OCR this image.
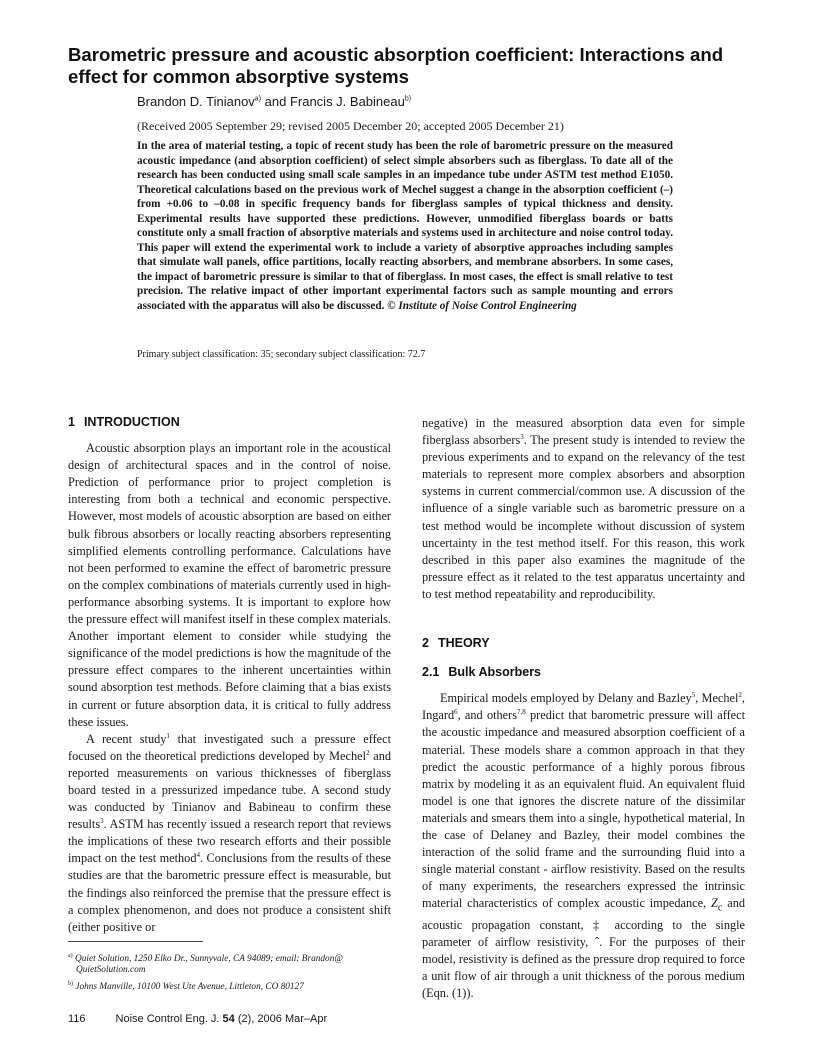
Barometric pressure and acoustic absorption coefficient: Interactions and effect for common absorptive systems

Brandon D. Tinianov$^{a)}$ and Francis J. Babineau$^{b)}$

(Received 2005 September 29; revised 2005 December 20; accepted 2005 December 21)

In the area of material testing, a topic of recent study has been the role of barometric pressure on the measured acoustic impedance (and absorption coefficient) of select simple absorbers such as fiberglass. To date all of the research has been conducted using small scale samples in an impedance tube under ASTM test method E1050. Theoretical calculations based on the previous work of Mechel suggest a change in the absorption coefficient (–) from +0.06 to –0.08 in specific frequency bands for fiberglass samples of typical thickness and density. Experimental results have supported these predictions. However, unmodified fiberglass boards or batts constitute only a small fraction of absorptive materials and systems used in architecture and noise control today. This paper will extend the experimental work to include a variety of absorptive approaches including samples that simulate wall panels, office partitions, locally reacting absorbers, and membrane absorbers. In some cases, the impact of barometric pressure is similar to that of fiberglass. In most cases, the effect is small relative to test precision. The relative impact of other important experimental factors such as sample mounting and errors associated with the apparatus will also be discussed. © Institute of Noise Control Engineering

Primary subject classification: 35; secondary subject classification: 72.7

1 INTRODUCTION

Acoustic absorption plays an important role in the acoustical design of architectural spaces and in the control of noise. Prediction of performance prior to project completion is interesting from both a technical and economic perspective. However, most models of acoustic absorption are based on either bulk fibrous absorbers or locally reacting absorbers representing simplified elements controlling performance. Calculations have not been performed to examine the effect of barometric pressure on the complex combinations of materials currently used in high-performance absorbing systems. It is important to explore how the pressure effect will manifest itself in these complex materials. Another important element to consider while studying the significance of the model predictions is how the magnitude of the pressure effect compares to the inherent uncertainties within sound absorption test methods. Before claiming that a bias exists in current or future absorption data, it is critical to fully address these issues.

A recent study$^1$ that investigated such a pressure effect focused on the theoretical predictions developed by Mechel$^2$ and reported measurements on various thicknesses of fiberglass board tested in a pressurized impedance tube. A second study was conducted by Tinianov and Babineau to confirm these results$^3$. ASTM has recently issued a research report that reviews the implications of these two research efforts and their possible impact on the test method$^4$. Conclusions from the results of these studies are that the barometric pressure effect is measurable, but the findings also reinforced the premise that the pressure effect is a complex phenomenon, and does not produce a consistent shift (either positive or

$^{a)}$ Quiet Solution, 1250 Elko Dr., Sunnyvale, CA 94089; email: Brandon@ QuietSolution.com

$^{b)}$ Johns Manville, 10100 West Ute Avenue, Littleton, CO 80127

negative) in the measured absorption data even for simple fiberglass absorbers$^3$. The present study is intended to review the previous experiments and to expand on the relevancy of the test materials to represent more complex absorbers and absorption systems in current commercial/common use. A discussion of the influence of a single variable such as barometric pressure on a test method would be incomplete without discussion of system uncertainty in the test method itself. For this reason, this work described in this paper also examines the magnitude of the pressure effect as it related to the test apparatus uncertainty and to test method repeatability and reproducibility.

2 THEORY
2.1 Bulk Absorbers

Empirical models employed by Delany and Bazley$^5$, Mechel$^2$, Ingard$^6$, and others$^{7,8}$ predict that barometric pressure will affect the acoustic impedance and measured absorption coefficient of a material. These models share a common approach in that they predict the acoustic performance of a highly porous fibrous matrix by modeling it as an equivalent fluid. An equivalent fluid model is one that ignores the discrete nature of the dissimilar materials and smears them into a single, hypothetical material, In the case of Delaney and Bazley, their model combines the interaction of the solid frame and the surrounding fluid into a single material constant - airflow resistivity. Based on the results of many experiments, the researchers expressed the intrinsic material characteristics of complex acoustic impedance, $Z_c$ and acoustic propagation constant, ‡ according to the single parameter of airflow resistivity, ˆ. For the purposes of their model, resistivity is defined as the pressure drop required to force a unit flow of air through a unit thickness of the porous medium (Eqn. (1)).

116	Noise Control Eng. J. 54 (2), 2006 Mar–Apr
